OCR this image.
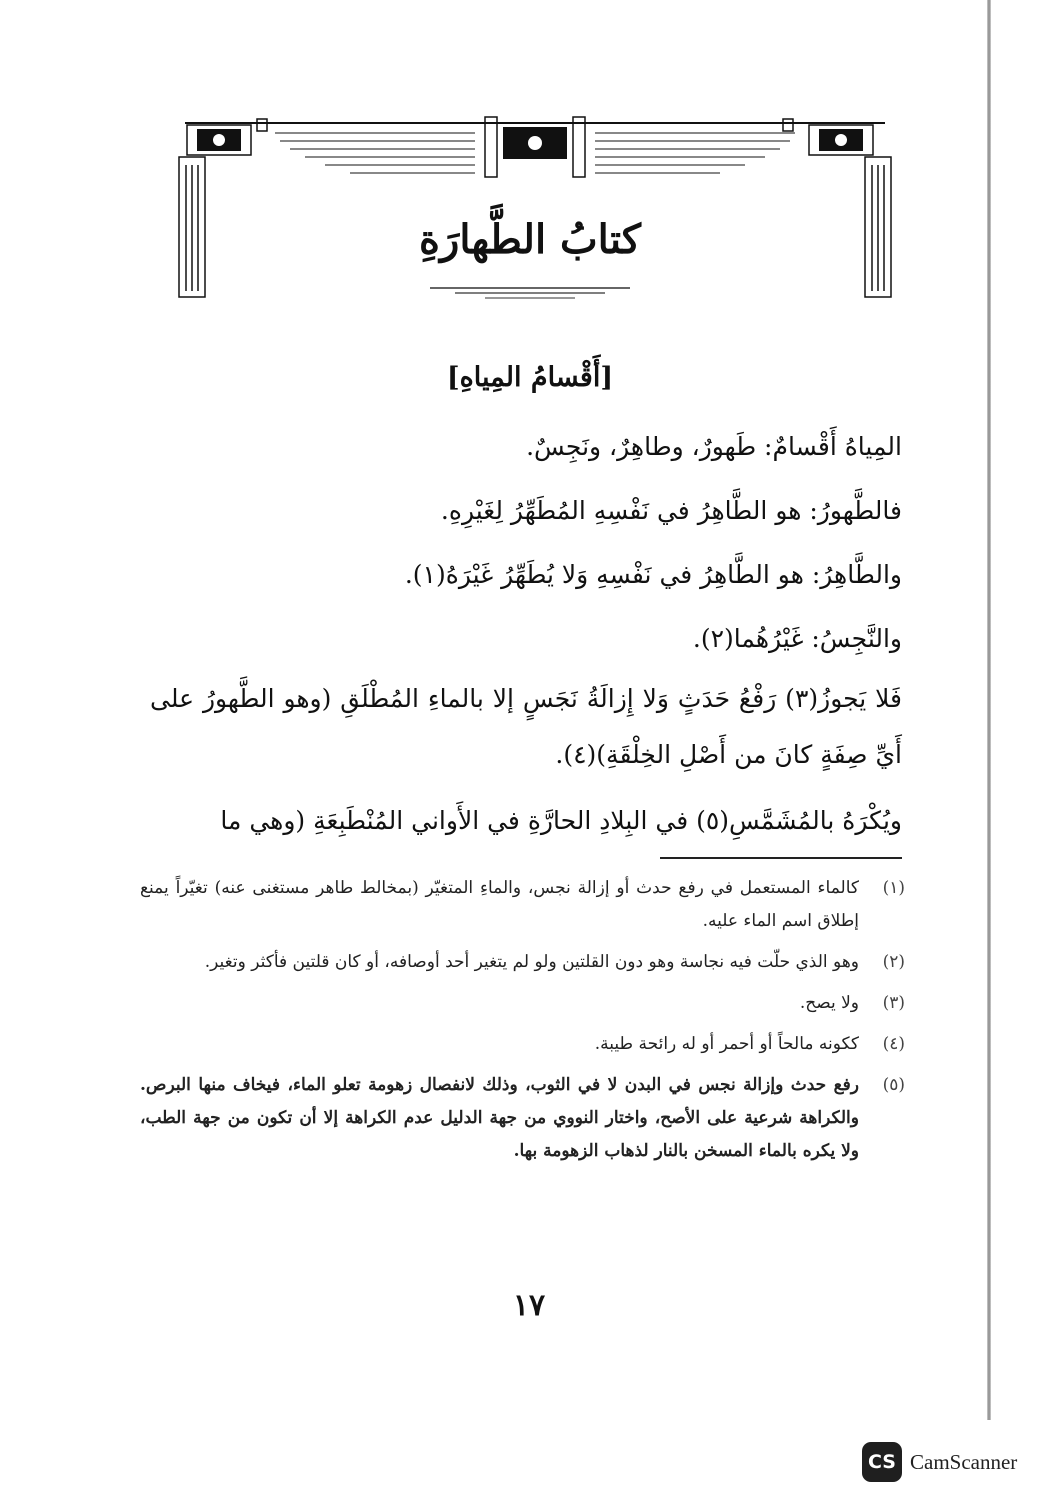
كتابُ الطَّهارَةِ
[أَقْسامُ المِياهِ]

المِياهُ أَقْسامٌ: طَهورٌ، وطاهِرٌ، ونَجِسٌ.

فالطَّهورُ: هو الطَّاهِرُ في نَفْسِهِ المُطَهِّرُ لِغَيْرِهِ.

والطَّاهِرُ: هو الطَّاهِرُ في نَفْسِهِ وَلا يُطَهِّرُ غَيْرَهُ(١).

والنَّجِسُ: غَيْرُهُما(٢).

فَلا يَجوزُ(٣) رَفْعُ حَدَثٍ وَلا إِزالَةُ نَجَسٍ إلا بالماءِ المُطْلَقِ (وهو الطَّهورُ على أَيِّ صِفَةٍ كانَ من أَصْلِ الخِلْقَةِ)(٤).

ويُكْرَهُ بالمُشَمَّسِ(٥) في البِلادِ الحارَّةِ في الأَواني المُنْطَبِعَةِ (وهي ما

(١)
كالماء المستعمل في رفع حدث أو إزالة نجس، والماءِ المتغيّر (بمخالط طاهر مستغنى عنه) تغيّراً يمنع إطلاق اسم الماء عليه.
(٢)
وهو الذي حلّت فيه نجاسة وهو دون القلتين ولو لم يتغير أحد أوصافه، أو كان قلتين فأكثر وتغير.
(٣)
ولا يصح.
(٤)
ككونه مالحاً أو أحمر أو له رائحة طيبة.
(٥)
رفع حدث وإزالة نجس في البدن لا في الثوب، وذلك لانفصال زهومة تعلو الماء، فيخاف منها البرص. والكراهة شرعية على الأصح، واختار النووي من جهة الدليل عدم الكراهة إلا أن تكون من جهة الطب، ولا يكره بالماء المسخن بالنار لذهاب الزهومة بها.
١٧
CS CamScanner
